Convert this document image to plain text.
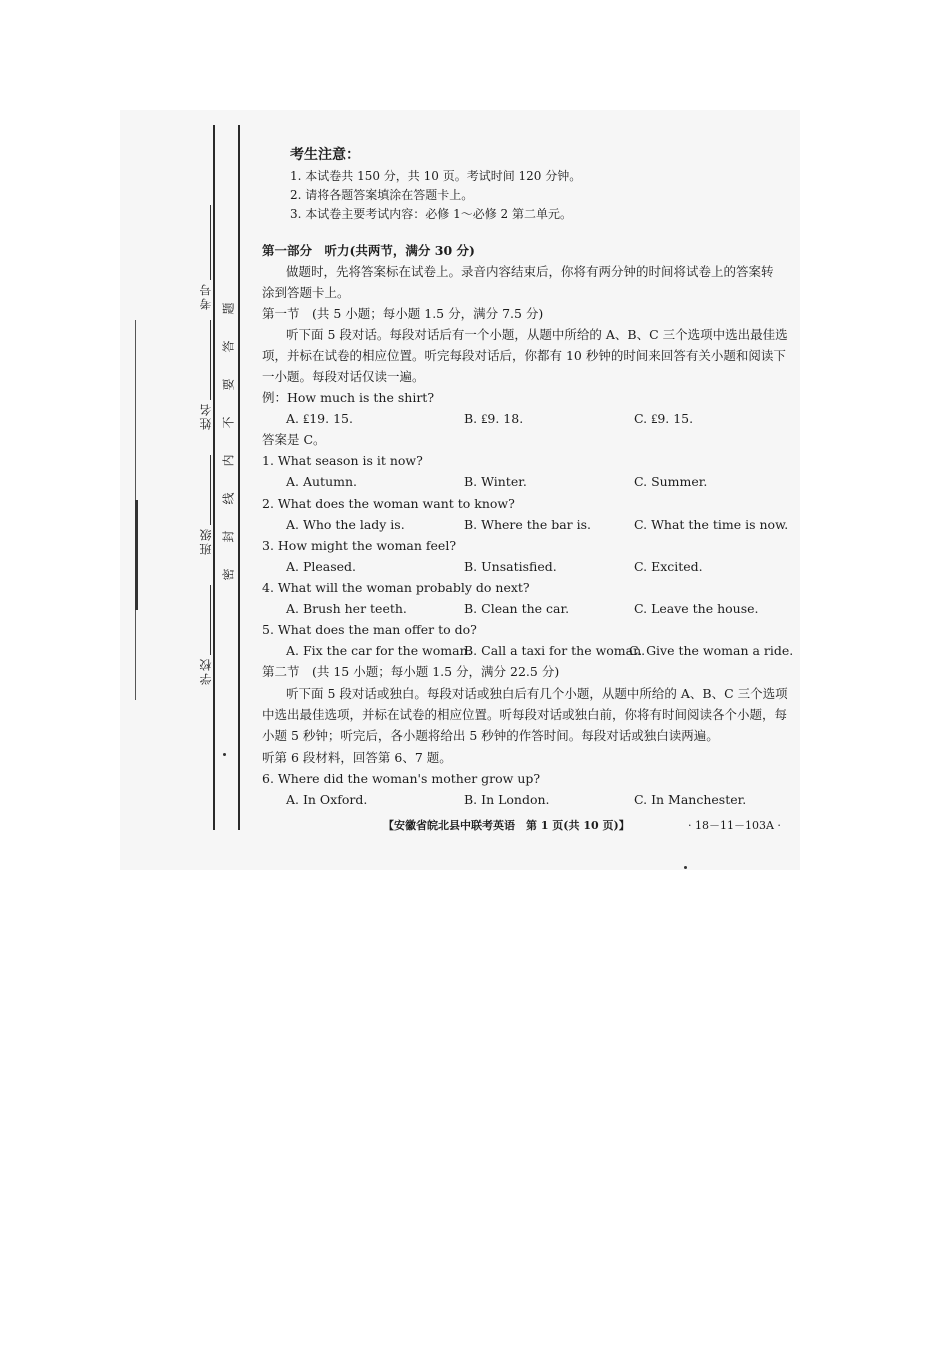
考号
姓名
班级
学校
题
答
要
不
内
线
封
密
考生注意：
1. 本试卷共 150 分，共 10 页。考试时间 120 分钟。
2. 请将各题答案填涂在答题卡上。
3. 本试卷主要考试内容：必修 1～必修 2 第二单元。
第一部分　听力(共两节，满分 30 分)
做题时，先将答案标在试卷上。录音内容结束后，你将有两分钟的时间将试卷上的答案转
涂到答题卡上。
第一节　(共 5 小题；每小题 1.5 分，满分 7.5 分)
听下面 5 段对话。每段对话后有一个小题，从题中所给的 A、B、C 三个选项中选出最佳选
项，并标在试卷的相应位置。听完每段对话后，你都有 10 秒钟的时间来回答有关小题和阅读下
一小题。每段对话仅读一遍。
例：How much is the shirt?
A. ₤19. 15.	B. ₤9. 18.	C. ₤9. 15.
答案是 C。
1. What season is it now?
A. Autumn.	B. Winter.	C. Summer.
2. What does the woman want to know?
A. Who the lady is.	B. Where the bar is.	C. What the time is now.
3. How might the woman feel?
A. Pleased.	B. Unsatisfied.	C. Excited.
4. What will the woman probably do next?
A. Brush her teeth.	B. Clean the car.	C. Leave the house.
5. What does the man offer to do?
A. Fix the car for the woman.
B. Call a taxi for the woman.
C. Give the woman a ride.
第二节　(共 15 小题；每小题 1.5 分，满分 22.5 分)
听下面 5 段对话或独白。每段对话或独白后有几个小题，从题中所给的 A、B、C 三个选项
中选出最佳选项，并标在试卷的相应位置。听每段对话或独白前，你将有时间阅读各个小题，每
小题 5 秒钟；听完后，各小题将给出 5 秒钟的作答时间。每段对话或独白读两遍。
听第 6 段材料，回答第 6、7 题。
6. Where did the woman's mother grow up?
A. In Oxford.	B. In London.	C. In Manchester.
【安徽省皖北县中联考英语　第 1 页(共 10 页)】	· 18－11－103A ·
